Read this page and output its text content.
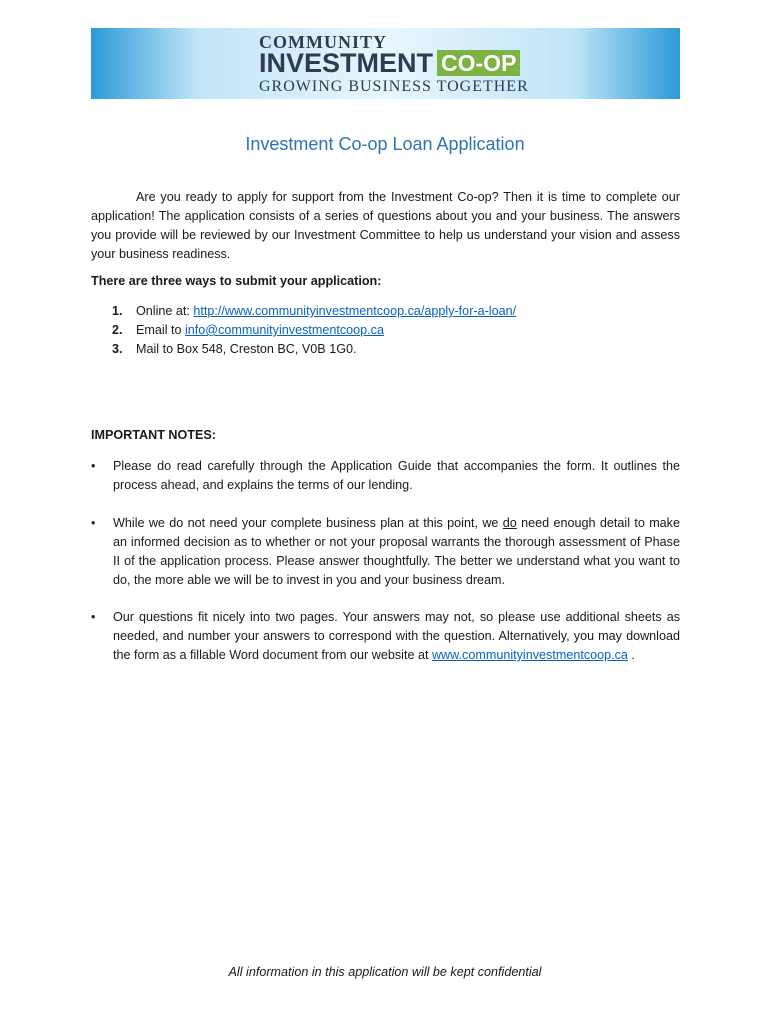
COMMUNITY
INVESTMENT CO-OP
GROWING BUSINESS TOGETHER
Investment Co-op Loan Application

Are you ready to apply for support from the Investment Co-op? Then it is time to complete our application! The application consists of a series of questions about you and your business. The answers you provide will be reviewed by our Investment Committee to help us understand your vision and assess your business readiness.

There are three ways to submit your application:

1.	Online at: http://www.communityinvestmentcoop.ca/apply-for-a-loan/
2.	Email to info@communityinvestmentcoop.ca
3.	Mail to Box 548, Creston BC, V0B 1G0.

IMPORTANT NOTES:

•	Please do read carefully through the Application Guide that accompanies the form. It outlines the process ahead, and explains the terms of our lending.
•	While we do not need your complete business plan at this point, we do need enough detail to make an informed decision as to whether or not your proposal warrants the thorough assessment of Phase II of the application process. Please answer thoughtfully. The better we understand what you want to do, the more able we will be to invest in you and your business dream.
•	Our questions fit nicely into two pages. Your answers may not, so please use additional sheets as needed, and number your answers to correspond with the question. Alternatively, you may download the form as a fillable Word document from our website at www.communityinvestmentcoop.ca .
All information in this application will be kept confidential
